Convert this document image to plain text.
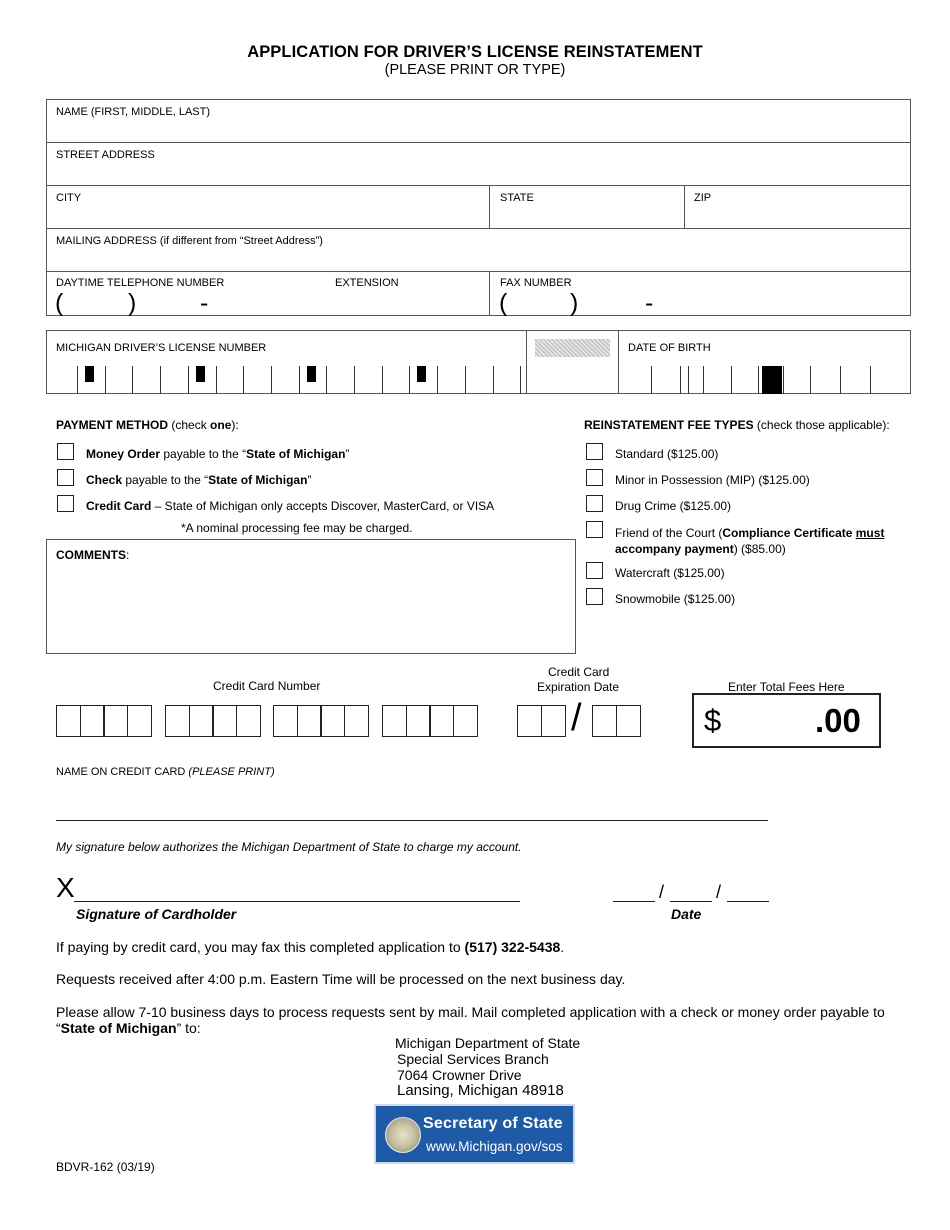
APPLICATION FOR DRIVER’S LICENSE REINSTATEMENT
(PLEASE PRINT OR TYPE)
NAME (FIRST, MIDDLE, LAST)
STREET ADDRESS
CITY	STATE	ZIP
MAILING ADDRESS (if different from “Street Address”)
DAYTIME TELEPHONE NUMBER	EXTENSION	FAX NUMBER
(	)	-	(	)	-
MICHIGAN DRIVER’S LICENSE NUMBER	DATE OF BIRTH
PAYMENT METHOD (check one):
Money Order payable to the “State of Michigan”
Check payable to the “State of Michigan”
Credit Card – State of Michigan only accepts Discover, MasterCard, or VISA
*A nominal processing fee may be charged.
COMMENTS:
REINSTATEMENT FEE TYPES (check those applicable):
Standard ($125.00)
Minor in Possession (MIP) ($125.00)
Drug Crime ($125.00)
Friend of the Court (Compliance Certificate must
accompany payment) ($85.00)
Watercraft ($125.00)
Snowmobile ($125.00)
Credit Card Number
Credit Card
Expiration Date	Enter Total Fees Here
/	$	.00
NAME ON CREDIT CARD (PLEASE PRINT)
My signature below authorizes the Michigan Department of State to charge my account.
X
Signature of Cardholder
/	/
Date
If paying by credit card, you may fax this completed application to (517) 322-5438.
Requests received after 4:00 p.m. Eastern Time will be processed on the next business day.
Please allow 7-10 business days to process requests sent by mail. Mail completed application with a check or money order payable to
“State of Michigan” to:
Michigan Department of State
Special Services Branch
7064 Crowner Drive
Lansing, Michigan 48918
Secretary of State
www.Michigan.gov/sos
BDVR-162 (03/19)
